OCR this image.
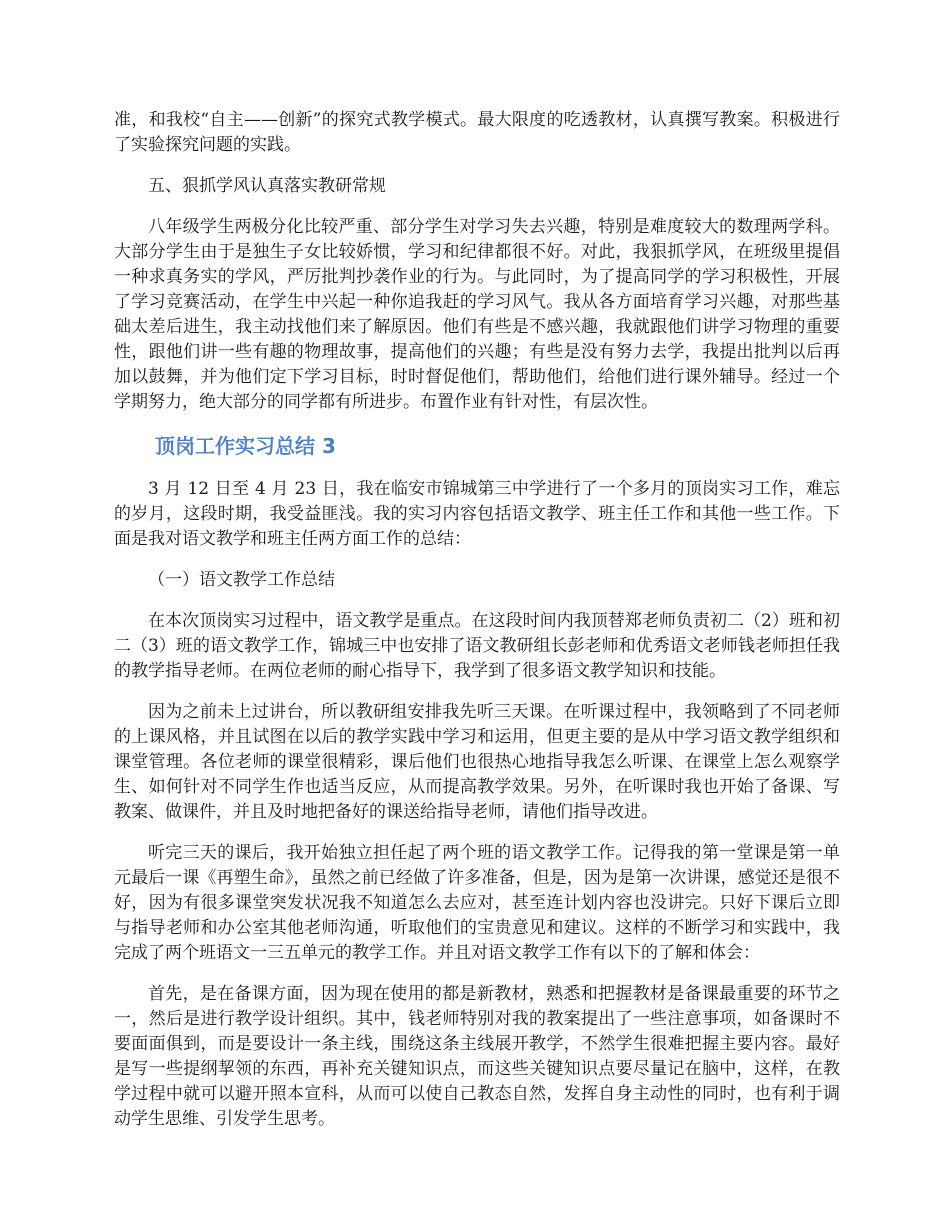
准，和我校“自主——创新”的探究式教学模式。最大限度的吃透教材，认真撰写教案。积极进行了实验探究问题的实践。

五、狠抓学风认真落实教研常规

八年级学生两极分化比较严重、部分学生对学习失去兴趣，特别是难度较大的数理两学科。大部分学生由于是独生子女比较娇惯，学习和纪律都很不好。对此，我狠抓学风，在班级里提倡一种求真务实的学风，严厉批判抄袭作业的行为。与此同时，为了提高同学的学习积极性，开展了学习竞赛活动，在学生中兴起一种你追我赶的学习风气。我从各方面培育学习兴趣，对那些基础太差后进生，我主动找他们来了解原因。他们有些是不感兴趣，我就跟他们讲学习物理的重要性，跟他们讲一些有趣的物理故事，提高他们的兴趣；有些是没有努力去学，我提出批判以后再加以鼓舞，并为他们定下学习目标，时时督促他们，帮助他们，给他们进行课外辅导。经过一个学期努力，绝大部分的同学都有所进步。布置作业有针对性，有层次性。

顶岗工作实习总结 3

3 月 12 日至 4 月 23 日，我在临安市锦城第三中学进行了一个多月的顶岗实习工作，难忘的岁月，这段时期，我受益匪浅。我的实习内容包括语文教学、班主任工作和其他一些工作。下面是我对语文教学和班主任两方面工作的总结：

（一）语文教学工作总结

在本次顶岗实习过程中，语文教学是重点。在这段时间内我顶替郑老师负责初二（2）班和初二（3）班的语文教学工作，锦城三中也安排了语文教研组长彭老师和优秀语文老师钱老师担任我的教学指导老师。在两位老师的耐心指导下，我学到了很多语文教学知识和技能。

因为之前未上过讲台，所以教研组安排我先听三天课。在听课过程中，我领略到了不同老师的上课风格，并且试图在以后的教学实践中学习和运用，但更主要的是从中学习语文教学组织和课堂管理。各位老师的课堂很精彩，课后他们也很热心地指导我怎么听课、在课堂上怎么观察学生、如何针对不同学生作也适当反应，从而提高教学效果。另外，在听课时我也开始了备课、写教案、做课件，并且及时地把备好的课送给指导老师，请他们指导改进。

听完三天的课后，我开始独立担任起了两个班的语文教学工作。记得我的第一堂课是第一单元最后一课《再塑生命》，虽然之前已经做了许多准备，但是，因为是第一次讲课，感觉还是很不好，因为有很多课堂突发状况我不知道怎么去应对，甚至连计划内容也没讲完。只好下课后立即与指导老师和办公室其他老师沟通，听取他们的宝贵意见和建议。这样的不断学习和实践中，我完成了两个班语文一三五单元的教学工作。并且对语文教学工作有以下的了解和体会：

首先，是在备课方面，因为现在使用的都是新教材，熟悉和把握教材是备课最重要的环节之一，然后是进行教学设计组织。其中，钱老师特别对我的教案提出了一些注意事项，如备课时不要面面俱到，而是要设计一条主线，围绕这条主线展开教学，不然学生很难把握主要内容。最好是写一些提纲挈领的东西，再补充关键知识点，而这些关键知识点要尽量记在脑中，这样，在教学过程中就可以避开照本宣科，从而可以使自己教态自然，发挥自身主动性的同时，也有利于调动学生思维、引发学生思考。
